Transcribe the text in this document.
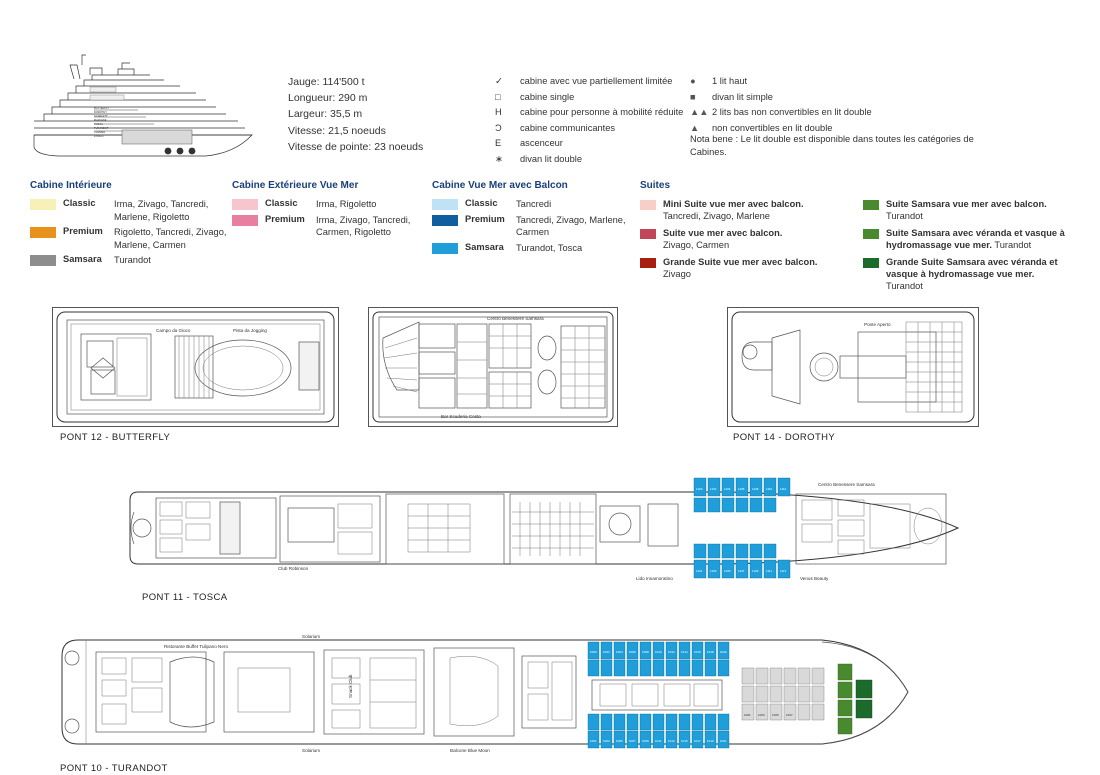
BUTTERFLY
DOROTHY
SCARLETT
MARLENE
TOSCA
TURANDOT
CARMEN
ZIVAGO
Jauge: 114'500 t
Longueur: 290 m
Largeur: 35,5 m
Vitesse: 21,5 noeuds
Vitesse de pointe: 23 noeuds
✓	cabine avec vue partiellement limitée
□	cabine single
H	cabine pour personne à mobilité réduite
Ɔ	cabine communicantes
E	ascenceur
∗	divan lit double
●	1 lit haut
■	divan lit simple
▲▲ 2 lits bas non convertibles en lit double
▲	non convertibles en lit double
Nota bene : Le lit double est disponible dans toutes les catégories de Cabines.
Cabine Intérieure
Classic	Irma, Zivago, Tancredi, Marlene, Rigoletto
Premium	Rigoletto, Tancredi, Zivago, Marlene, Carmen
Samsara	Turandot
Cabine Extérieure Vue Mer
Classic	Irma, Rigoletto
Premium	Irma, Zivago, Tancredi, Carmen, Rigoletto
Cabine Vue Mer avec Balcon
Classic	Tancredi
Premium	Tancredi, Zivago, Marlene, Carmen
Samsara	Turandot, Tosca
Suites
Mini Suite vue mer avec balcon.
Tancredi, Zivago, Marlene
Suite vue mer avec balcon.
Zivago, Carmen
Grande Suite vue mer avec balcon.
Zivago
Suite Samsara vue mer avec balcon.
Turandot
Suite Samsara avec véranda et vasque à hydromassage vue mer. Turandot
Grande Suite Samsara avec véranda et vasque à hydromassage vue mer. Turandot
Campo da Gioco	Pista da Jogging
PONT 12 - BUTTERFLY
Centro Benessere Samsara
Bar Scuderia Costa
Ponte Aperto
PONT 14 - DOROTHY
1100	1102	1104	1106	1108	1110	1112
1101	1103	1105	1107	1109	1111	1113
Club Robinson
Lido Innamoratino
Centro Benessere Samsara
Venus Beauty
PONT 11 - TOSCA
1000 1002 1004 1006 1008 1010 1012 1014 1016 1018 1020
1001 1003 1005 1007 1009 1011 1013 1015 1017 1019 1021
1001 1003 1005 1007
Ristorante Buffet Tulipano Nero
Solarium
Solarium
Snack Club
Balcone Blue Moon
PONT 10 - TURANDOT
